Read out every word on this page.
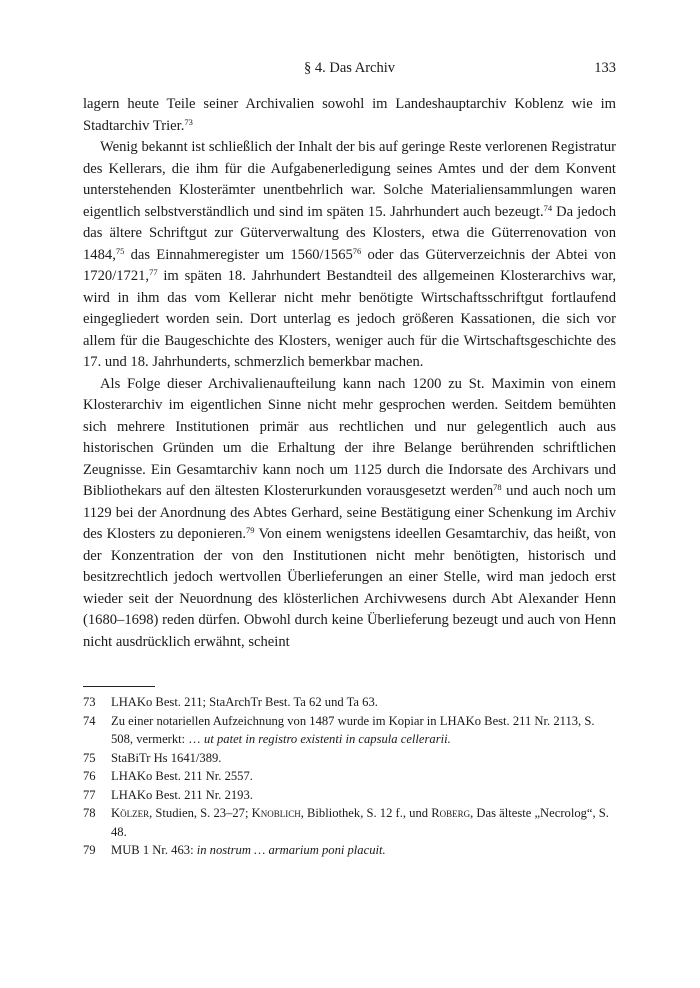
§ 4. Das Archiv	133

lagern heute Teile seiner Archivalien sowohl im Landeshauptarchiv Koblenz wie im Stadtarchiv Trier.$^{73}$

Wenig bekannt ist schließlich der Inhalt der bis auf geringe Reste verlorenen Registratur des Kellerars, die ihm für die Aufgabenerledigung seines Amtes und der dem Konvent unterstehenden Klosterämter unentbehrlich war. Solche Materialiensammlungen waren eigentlich selbstverständlich und sind im späten 15. Jahrhundert auch bezeugt.$^{74}$ Da jedoch das ältere Schriftgut zur Güterverwaltung des Klosters, etwa die Güterrenovation von 1484,75 das Einnahmeregister um 1560/1565$^{76}$ oder das Güterverzeichnis der Abtei von 1720/1721,77 im späten 18. Jahrhundert Bestandteil des allgemeinen Klosterarchivs war, wird in ihm das vom Kellerar nicht mehr benötigte Wirtschaftsschriftgut fortlaufend eingegliedert worden sein. Dort unterlag es jedoch größeren Kassationen, die sich vor allem für die Baugeschichte des Klosters, weniger auch für die Wirtschaftsgeschichte des 17. und 18. Jahrhunderts, schmerzlich bemerkbar machen.

Als Folge dieser Archivalienaufteilung kann nach 1200 zu St. Maximin von einem Klosterarchiv im eigentlichen Sinne nicht mehr gesprochen werden. Seitdem bemühten sich mehrere Institutionen primär aus rechtlichen und nur gelegentlich auch aus historischen Gründen um die Erhaltung der ihre Belange berührenden schriftlichen Zeugnisse. Ein Gesamtarchiv kann noch um 1125 durch die Indorsate des Archivars und Bibliothekars auf den ältesten Klosterurkunden vorausgesetzt werden$^{78}$ und auch noch um 1129 bei der Anordnung des Abtes Gerhard, seine Bestätigung einer Schenkung im Archiv des Klosters zu deponieren.$^{79}$ Von einem wenigstens ideellen Gesamtarchiv, das heißt, von der Konzentration der von den Institutionen nicht mehr benötigten, historisch und besitzrechtlich jedoch wertvollen Überlieferungen an einer Stelle, wird man jedoch erst wieder seit der Neuordnung des klösterlichen Archivwesens durch Abt Alexander Henn (1680–1698) reden dürfen. Obwohl durch keine Überlieferung bezeugt und auch von Henn nicht ausdrücklich erwähnt, scheint

73	LHAKo Best. 211; StaArchTr Best. Ta 62 und Ta 63.
74	Zu einer notariellen Aufzeichnung von 1487 wurde im Kopiar in LHAKo Best. 211 Nr. 2113, S. 508, vermerkt: … ut patet in registro existenti in capsula cellerarii.
75	StaBiTr Hs 1641/389.
76	LHAKo Best. 211 Nr. 2557.
77	LHAKo Best. 211 Nr. 2193.
78	Kölzer, Studien, S. 23–27; Knoblich, Bibliothek, S. 12 f., und Roberg, Das älteste „Necrolog“, S. 48.
79	MUB 1 Nr. 463: in nostrum … armarium poni placuit.
